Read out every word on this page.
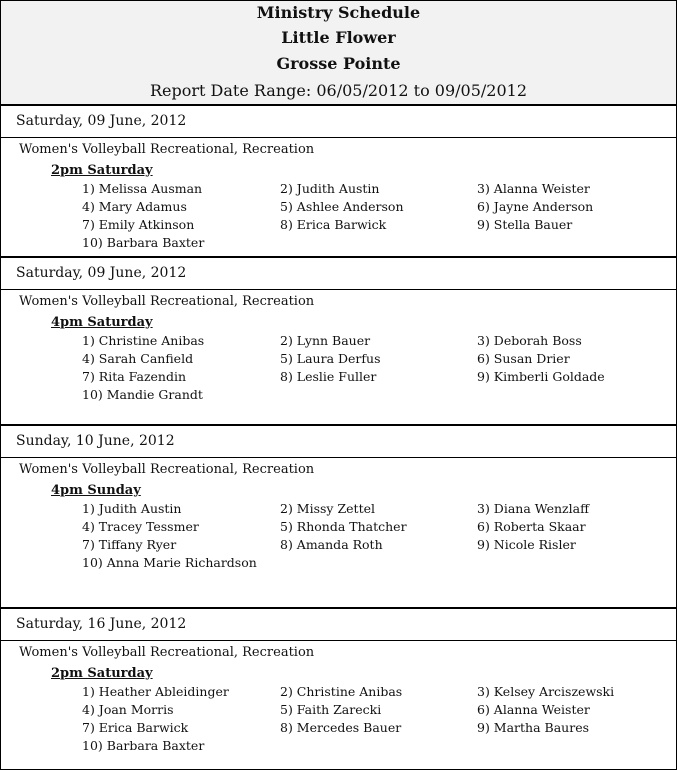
Ministry Schedule
Little Flower
Grosse Pointe
Report Date Range: 06/05/2012 to 09/05/2012
Saturday, 09 June, 2012
Women's Volleyball Recreational, Recreation
2pm Saturday
1) Melissa Ausman	2) Judith Austin	3) Alanna Weister
4) Mary Adamus	5) Ashlee Anderson	6) Jayne Anderson
7) Emily Atkinson	8) Erica Barwick	9) Stella Bauer
10) Barbara Baxter
Saturday, 09 June, 2012
Women's Volleyball Recreational, Recreation
4pm Saturday
1) Christine Anibas	2) Lynn Bauer	3) Deborah Boss
4) Sarah Canfield	5) Laura Derfus	6) Susan Drier
7) Rita Fazendin	8) Leslie Fuller	9) Kimberli Goldade
10) Mandie Grandt
Sunday, 10 June, 2012
Women's Volleyball Recreational, Recreation
4pm Sunday
1) Judith Austin	2) Missy Zettel	3) Diana Wenzlaff
4) Tracey Tessmer	5) Rhonda Thatcher	6) Roberta Skaar
7) Tiffany Ryer	8) Amanda Roth	9) Nicole Risler
10) Anna Marie Richardson
Saturday, 16 June, 2012
Women's Volleyball Recreational, Recreation
2pm Saturday
1) Heather Ableidinger	2) Christine Anibas	3) Kelsey Arciszewski
4) Joan Morris	5) Faith Zarecki	6) Alanna Weister
7) Erica Barwick	8) Mercedes Bauer	9) Martha Baures
10) Barbara Baxter
